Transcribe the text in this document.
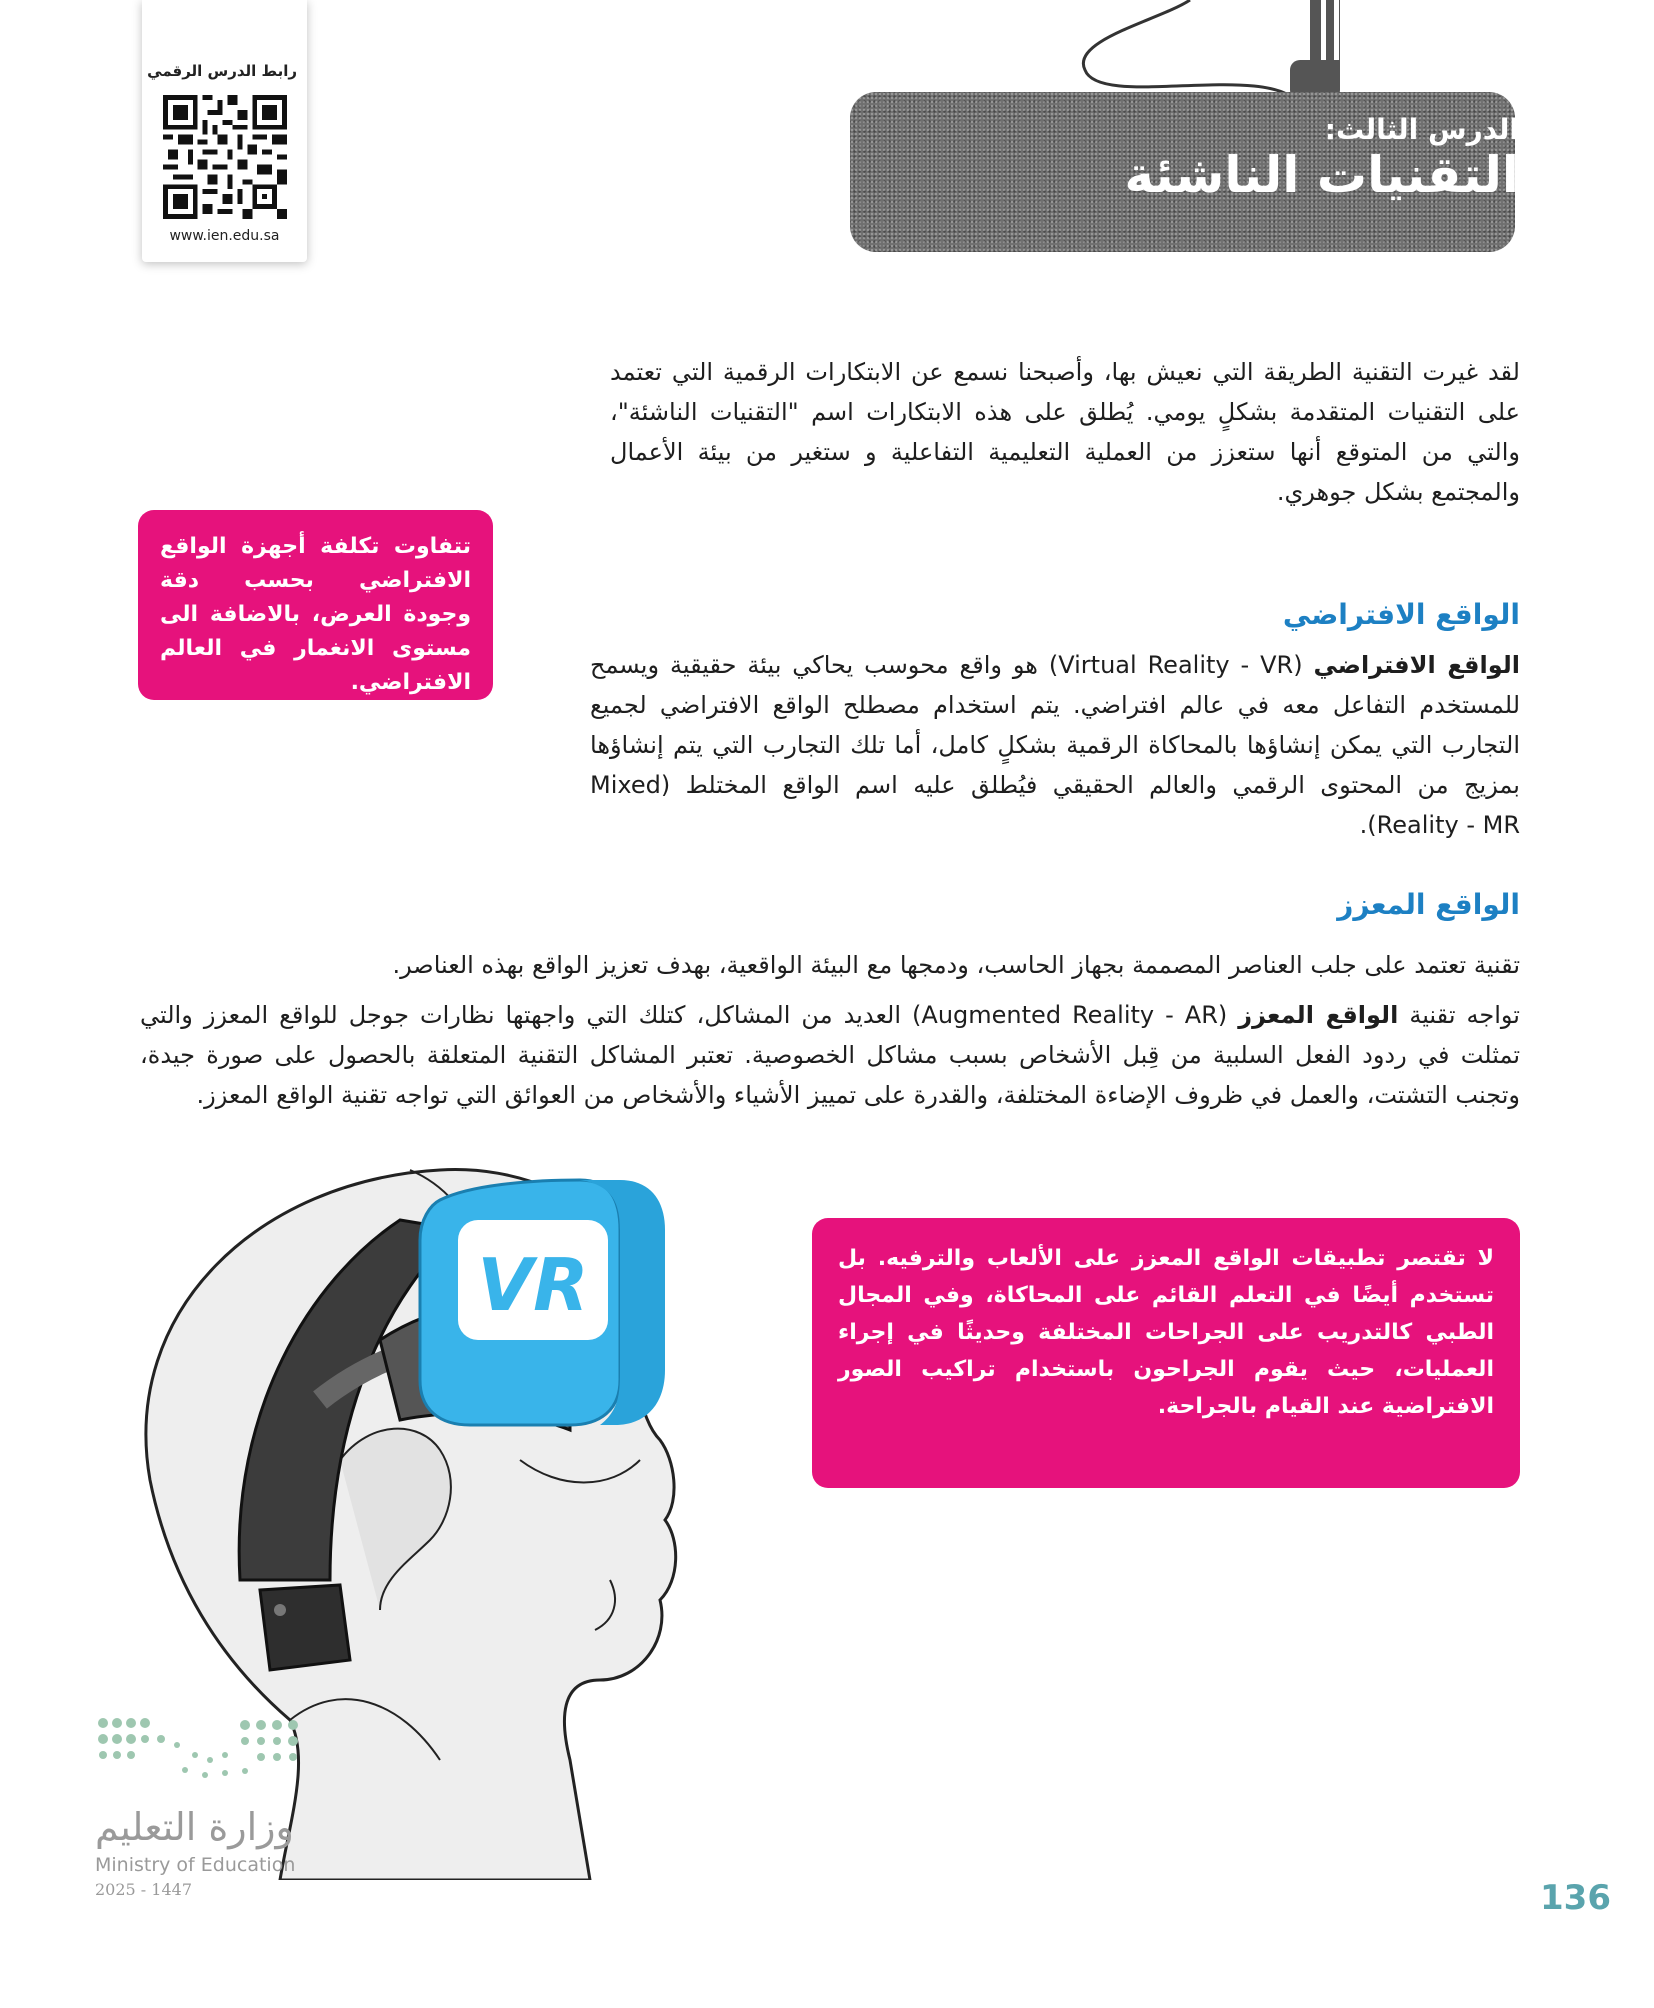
رابط الدرس الرقمي
www.ien.edu.sa
الدرس الثالث:
التقنيات الناشئة
لقد غيرت التقنية الطريقة التي نعيش بها، وأصبحنا نسمع عن الابتكارات الرقمية التي تعتمد على التقنيات المتقدمة بشكلٍ يومي. يُطلق على هذه الابتكارات اسم "التقنيات الناشئة"، والتي من المتوقع أنها ستعزز من العملية التعليمية التفاعلية و ستغير من بيئة الأعمال والمجتمع بشكل جوهري.
تتفاوت تكلفة أجهزة الواقع الافتراضي بحسب دقة وجودة العرض، بالاضافة الى مستوى الانغمار في العالم الافتراضي.
الواقع الافتراضي
الواقع الافتراضي (Virtual Reality - VR) هو واقع محوسب يحاكي بيئة حقيقية ويسمح للمستخدم التفاعل معه في عالم افتراضي. يتم استخدام مصطلح الواقع الافتراضي لجميع التجارب التي يمكن إنشاؤها بالمحاكاة الرقمية بشكلٍ كامل، أما تلك التجارب التي يتم إنشاؤها بمزيج من المحتوى الرقمي والعالم الحقيقي فيُطلق عليه اسم الواقع المختلط (Mixed Reality - MR).
الواقع المعزز
تقنية تعتمد على جلب العناصر المصممة بجهاز الحاسب، ودمجها مع البيئة الواقعية، بهدف تعزيز الواقع بهذه العناصر.
تواجه تقنية الواقع المعزز (Augmented Reality - AR) العديد من المشاكل، كتلك التي واجهتها نظارات جوجل للواقع المعزز والتي تمثلت في ردود الفعل السلبية من قِبل الأشخاص بسبب مشاكل الخصوصية. تعتبر المشاكل التقنية المتعلقة بالحصول على صورة جيدة، وتجنب التشتت، والعمل في ظروف الإضاءة المختلفة، والقدرة على تمييز الأشياء والأشخاص من العوائق التي تواجه تقنية الواقع المعزز.
لا تقتصر تطبيقات الواقع المعزز على الألعاب والترفيه. بل تستخدم أيضًا في التعلم القائم على المحاكاة، وفي المجال الطبي كالتدريب على الجراحات المختلفة وحديثًا في إجراء العمليات، حيث يقوم الجراحون باستخدام تراكيب الصور الافتراضية عند القيام بالجراحة.
VR
وزارة التعليم
Ministry of Education
2025 - 1447	136
